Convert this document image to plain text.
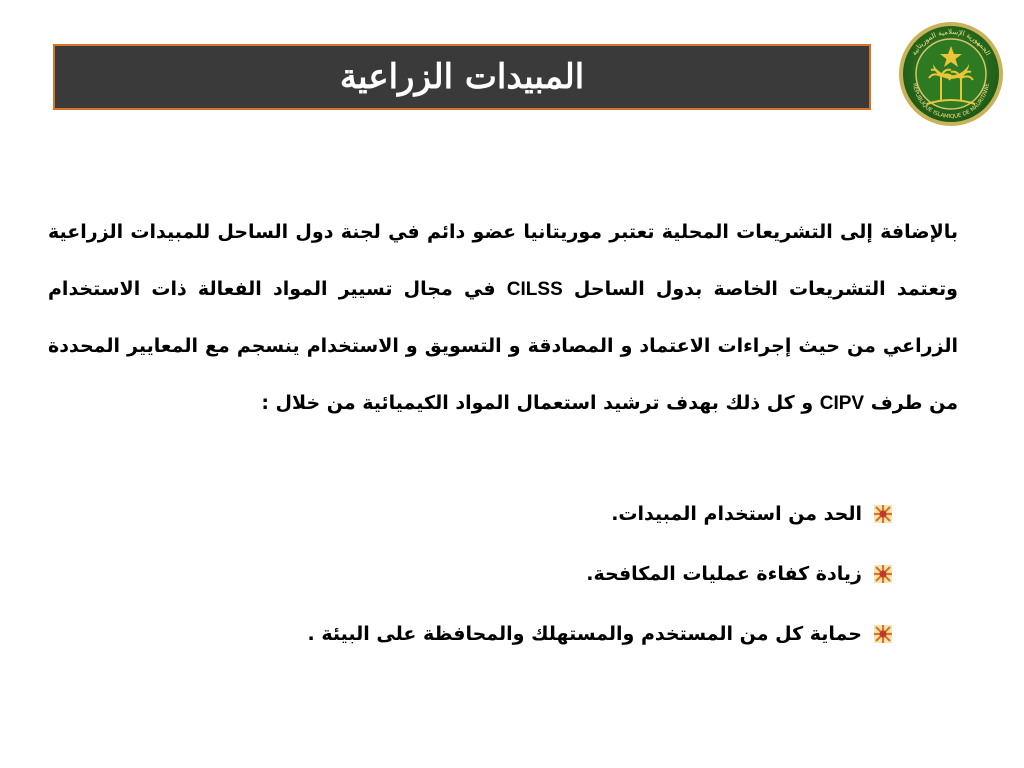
المبيدات الزراعية
الجمهورية الإسلامية الموريتانية
REPUBLIQUE ISLAMIQUE DE MAURITANIE
بالإضافة إلى التشريعات المحلية تعتبر موريتانيا عضو دائم في لجنة دول الساحل للمبيدات الزراعية وتعتمد التشريعات الخاصة بدول الساحل CILSS في مجال تسيير المواد الفعالة ذات الاستخدام الزراعي من حيث إجراءات الاعتماد و المصادقة و التسويق و الاستخدام ينسجم مع المعايير المحددة من طرف CIPV و كل ذلك بهدف ترشيد استعمال المواد الكيميائية من خلال :
الحد من استخدام المبيدات.
زيادة كفاءة عمليات المكافحة.
حماية كل من المستخدم والمستهلك والمحافظة على البيئة .
